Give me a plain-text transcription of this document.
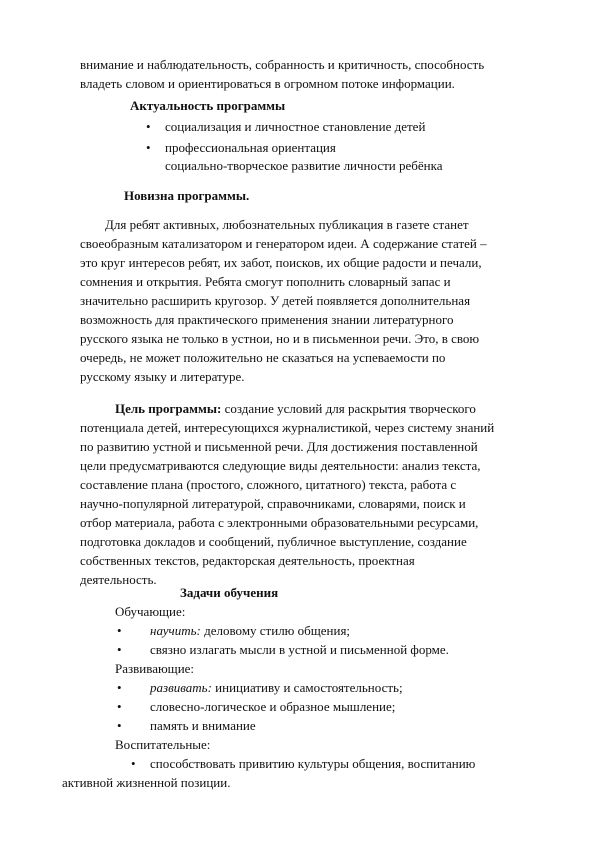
внимание и наблюдательность, собранность и критичность, способность
владеть словом и ориентироваться в огромном потоке информации.
Актуальность программы
• социализация и личностное становление детей
• профессиональная ориентация
социально-творческое развитие личности ребёнка
Новизна программы.
Для ребят активных, любознательных публикация в газете станет
своеобразным катализатором и генератором идеи. А содержание статей –
это круг интересов ребят, их забот, поисков, их общие радости и печали,
сомнения и открытия. Ребята смогут пополнить словарный запас и
значительно расширить кругозор. У детей появляется дополнительная
возможность для практического применения знании литературного
русского языка не только в устнои, но и в письменнои речи. Это, в свою
очередь, не может положительно не сказаться на успеваемости по
русскому языку и литературе.
Цель программы: создание условий для раскрытия творческого
потенциала детей, интересующихся журналистикой, через систему знаний
по развитию устной и письменной речи. Для достижения поставленной
цели предусматриваются следующие виды деятельности: анализ текста,
составление плана (простого, сложного, цитатного) текста, работа с
научно-популярной литературой, справочниками, словарями, поиск и
отбор материала, работа с электронными образовательными ресурсами,
подготовка докладов и сообщений, публичное выступление, создание
собственных текстов, редакторская деятельность, проектная
деятельность.
Задачи обучения
Обучающие:
• научить: деловому стилю общения;
• связно излагать мысли в устной и письменной форме.
Развивающие:
• развивать: инициативу и самостоятельность;
• словесно-логическое и образное мышление;
• память и внимание
Воспитательные:
• способствовать привитию культуры общения, воспитанию
активной жизненной позиции.
